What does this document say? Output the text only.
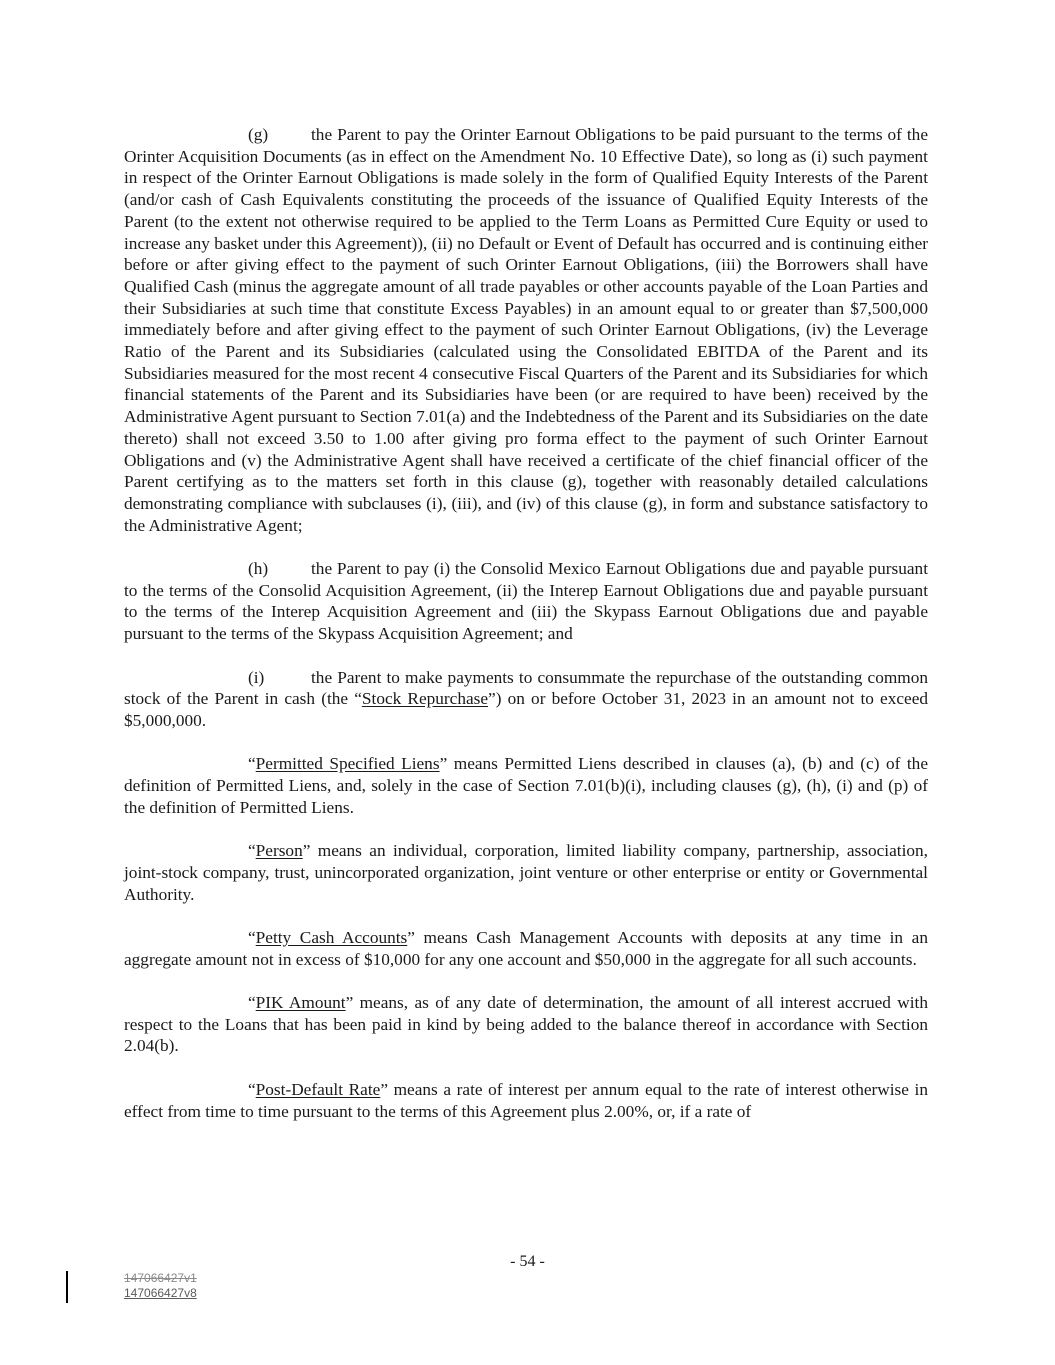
(g) the Parent to pay the Orinter Earnout Obligations to be paid pursuant to the terms of the Orinter Acquisition Documents (as in effect on the Amendment No. 10 Effective Date), so long as (i) such payment in respect of the Orinter Earnout Obligations is made solely in the form of Qualified Equity Interests of the Parent (and/or cash of Cash Equivalents constituting the proceeds of the issuance of Qualified Equity Interests of the Parent (to the extent not otherwise required to be applied to the Term Loans as Permitted Cure Equity or used to increase any basket under this Agreement)), (ii) no Default or Event of Default has occurred and is continuing either before or after giving effect to the payment of such Orinter Earnout Obligations, (iii) the Borrowers shall have Qualified Cash (minus the aggregate amount of all trade payables or other accounts payable of the Loan Parties and their Subsidiaries at such time that constitute Excess Payables) in an amount equal to or greater than $7,500,000 immediately before and after giving effect to the payment of such Orinter Earnout Obligations, (iv) the Leverage Ratio of the Parent and its Subsidiaries (calculated using the Consolidated EBITDA of the Parent and its Subsidiaries measured for the most recent 4 consecutive Fiscal Quarters of the Parent and its Subsidiaries for which financial statements of the Parent and its Subsidiaries have been (or are required to have been) received by the Administrative Agent pursuant to Section 7.01(a) and the Indebtedness of the Parent and its Subsidiaries on the date thereto) shall not exceed 3.50 to 1.00 after giving pro forma effect to the payment of such Orinter Earnout Obligations and (v) the Administrative Agent shall have received a certificate of the chief financial officer of the Parent certifying as to the matters set forth in this clause (g), together with reasonably detailed calculations demonstrating compliance with subclauses (i), (iii), and (iv) of this clause (g), in form and substance satisfactory to the Administrative Agent;

(h) the Parent to pay (i) the Consolid Mexico Earnout Obligations due and payable pursuant to the terms of the Consolid Acquisition Agreement, (ii) the Interep Earnout Obligations due and payable pursuant to the terms of the Interep Acquisition Agreement and (iii) the Skypass Earnout Obligations due and payable pursuant to the terms of the Skypass Acquisition Agreement; and

(i)	the Parent to make payments to consummate the repurchase of the outstanding common stock of the Parent in cash (the “Stock Repurchase”) on or before October 31, 2023 in an amount not to exceed $5,000,000.

“Permitted Specified Liens” means Permitted Liens described in clauses (a), (b) and (c) of the definition of Permitted Liens, and, solely in the case of Section 7.01(b)(i), including clauses (g), (h), (i) and (p) of the definition of Permitted Liens.

“Person” means an individual, corporation, limited liability company, partnership, association, joint-stock company, trust, unincorporated organization, joint venture or other enterprise or entity or Governmental Authority.

“Petty Cash Accounts” means Cash Management Accounts with deposits at any time in an aggregate amount not in excess of $10,000 for any one account and $50,000 in the aggregate for all such accounts.

“PIK Amount” means, as of any date of determination, the amount of all interest accrued with respect to the Loans that has been paid in kind by being added to the balance thereof in accordance with Section 2.04(b).

“Post-Default Rate” means a rate of interest per annum equal to the rate of interest otherwise in effect from time to time pursuant to the terms of this Agreement plus 2.00%, or, if a rate of

- 54 -
147066427v1
147066427v8
